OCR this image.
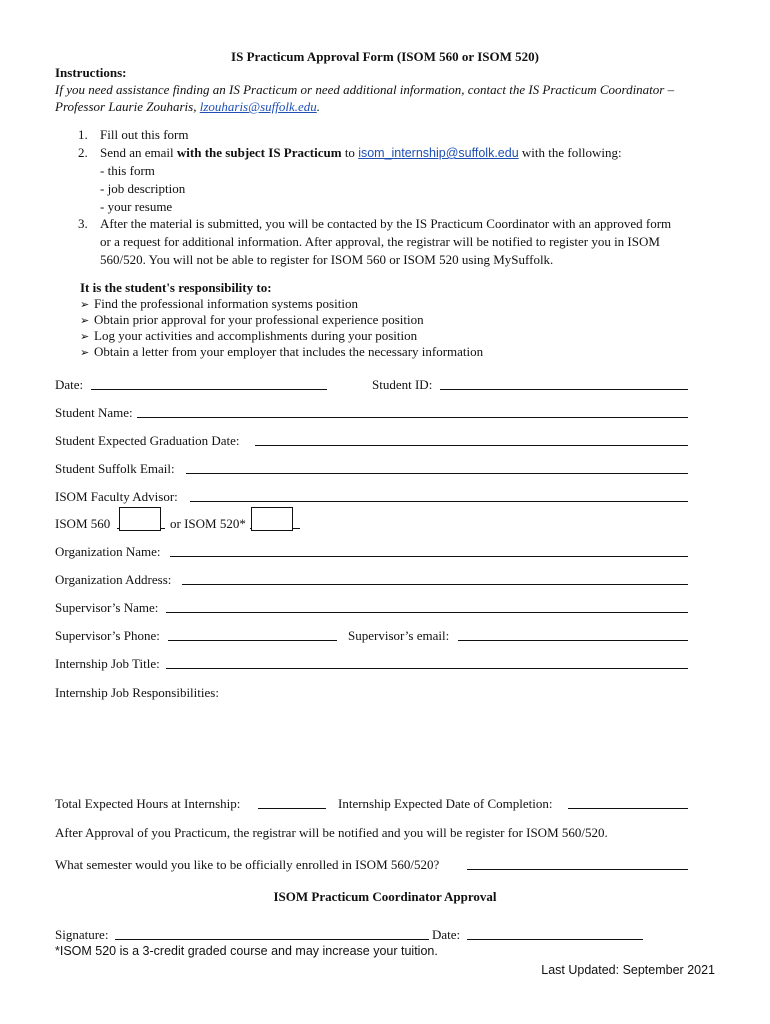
IS Practicum Approval Form (ISOM 560 or ISOM 520)
Instructions:
If you need assistance finding an IS Practicum or need additional information, contact the IS Practicum Coordinator –
Professor Laurie Zouharis, lzouharis@suffolk.edu.
1. Fill out this form
2. Send an email with the subject IS Practicum to isom_internship@suffolk.edu with the following:
- this form
- job description
- your resume
3. After the material is submitted, you will be contacted by the IS Practicum Coordinator with an approved form
or a request for additional information. After approval, the registrar will be notified to register you in ISOM
560/520. You will not be able to register for ISOM 560 or ISOM 520 using MySuffolk.
It is the student's responsibility to:
➢ Find the professional information systems position
➢ Obtain prior approval for your professional experience position
➢ Log your activities and accomplishments during your position
➢ Obtain a letter from your employer that includes the necessary information
Date:	Student ID:
Student Name:
Student Expected Graduation Date:
Student Suffolk Email:
ISOM Faculty Advisor:
ISOM 560	or ISOM 520*
Organization Name:
Organization Address:
Supervisor’s Name:
Supervisor’s Phone:	Supervisor’s email:
Internship Job Title:
Internship Job Responsibilities:
Total Expected Hours at Internship:	Internship Expected Date of Completion:
After Approval of you Practicum, the registrar will be notified and you will be register for ISOM 560/520.
What semester would you like to be officially enrolled in ISOM 560/520?
ISOM Practicum Coordinator Approval
Signature:	Date:
*ISOM 520 is a 3-credit graded course and may increase your tuition.
Last Updated: September 2021
